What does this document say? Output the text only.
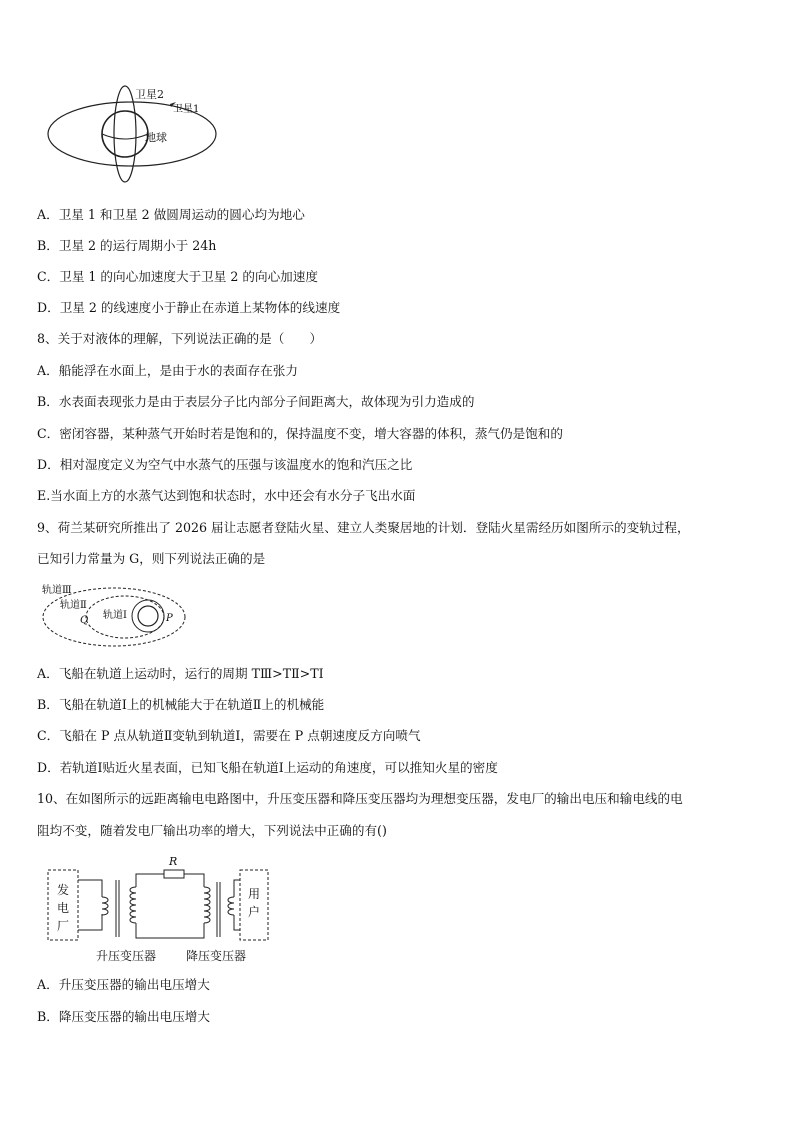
卫星2
卫星1
地球
A．卫星 1 和卫星 2 做圆周运动的圆心均为地心
B．卫星 2 的运行周期小于 24h
C．卫星 1 的向心加速度大于卫星 2 的向心加速度
D．卫星 2 的线速度小于静止在赤道上某物体的线速度
8、关于对液体的理解，下列说法正确的是（　　）
A．船能浮在水面上，是由于水的表面存在张力
B．水表面表现张力是由于表层分子比内部分子间距离大，故体现为引力造成的
C．密闭容器，某种蒸气开始时若是饱和的，保持温度不变，增大容器的体积，蒸气仍是饱和的
D．相对湿度定义为空气中水蒸气的压强与该温度水的饱和汽压之比
E.当水面上方的水蒸气达到饱和状态时，水中还会有水分子飞出水面
9、荷兰某研究所推出了 2026 届让志愿者登陆火星、建立人类聚居地的计划．登陆火星需经历如图所示的变轨过程，
已知引力常量为 G，则下列说法正确的是
轨道Ⅲ
轨道Ⅱ
轨道Ⅰ
Q	P
A．飞船在轨道上运动时，运行的周期 TⅢ>TⅡ>TⅠ
B．飞船在轨道Ⅰ上的机械能大于在轨道Ⅱ上的机械能
C．飞船在 P 点从轨道Ⅱ变轨到轨道Ⅰ，需要在 P 点朝速度反方向喷气
D．若轨道Ⅰ贴近火星表面，已知飞船在轨道Ⅰ上运动的角速度，可以推知火星的密度
10、在如图所示的远距离输电电路图中，升压变压器和降压变压器均为理想变压器，发电厂的输出电压和输电线的电
阻均不变，随着发电厂输出功率的增大，下列说法中正确的有()
发
电
厂
R
用
户
升压变压器 降压变压器
A．升压变压器的输出电压增大
B．降压变压器的输出电压增大
